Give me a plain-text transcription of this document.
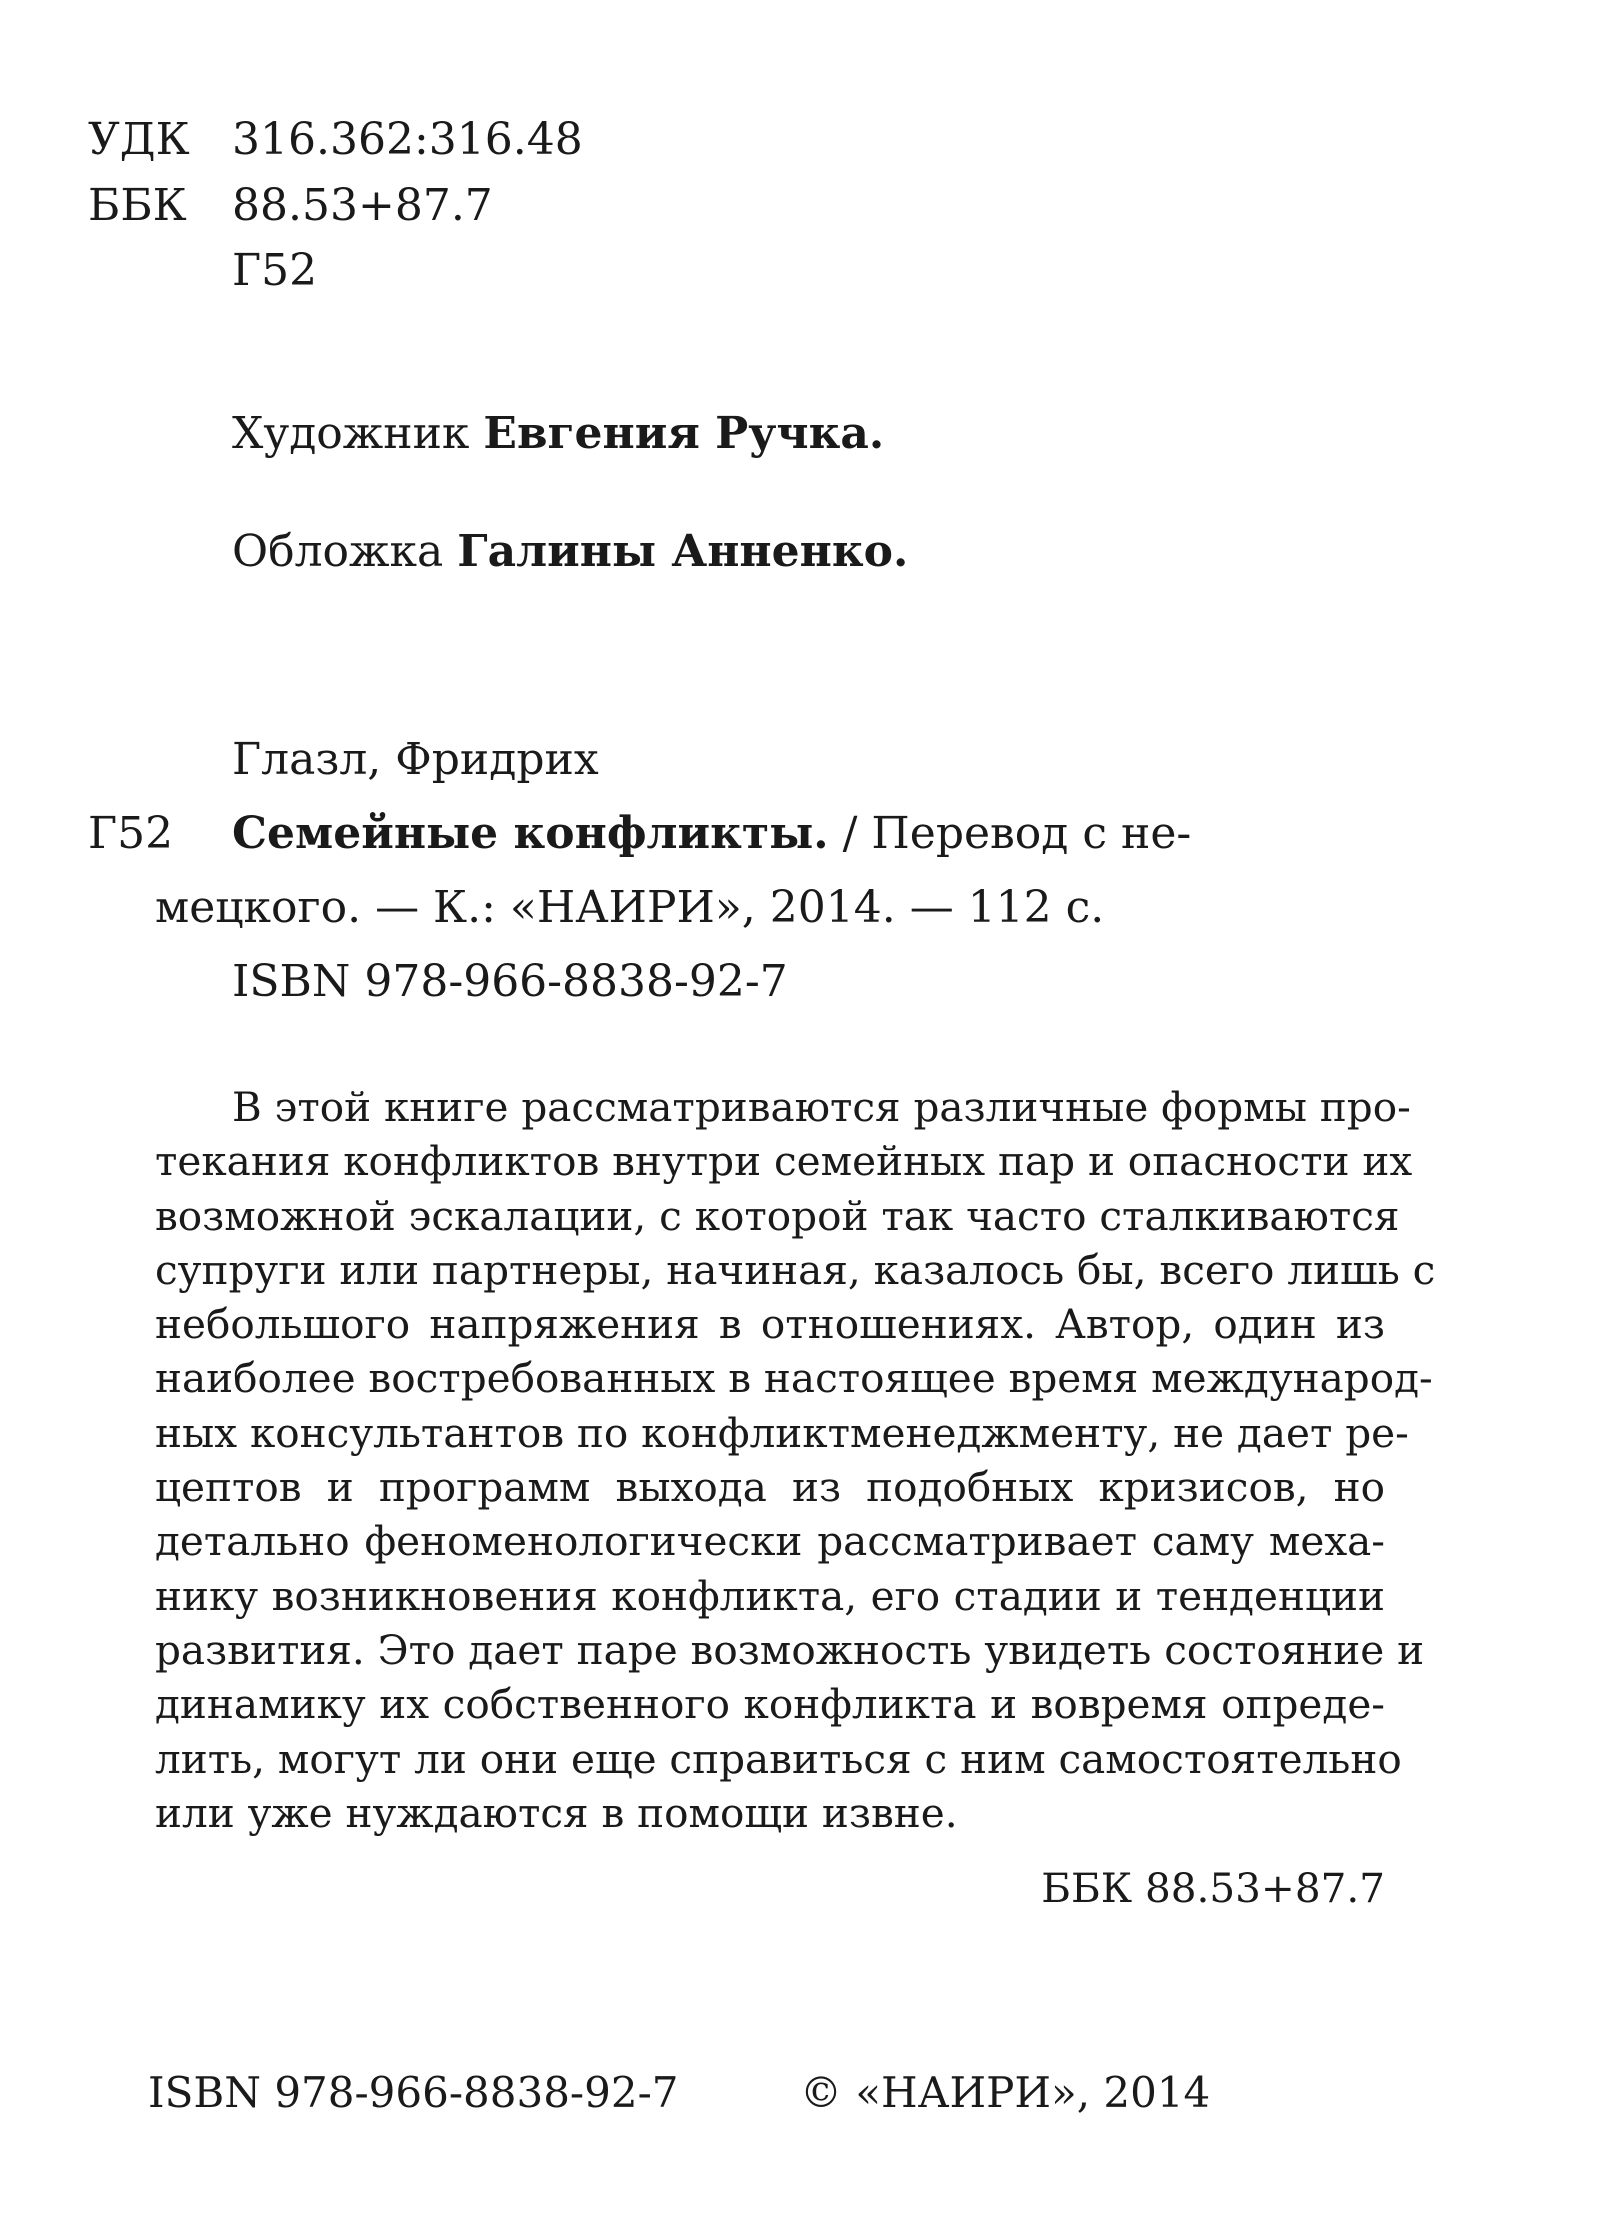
УДК 316.362:316.48
ББК 88.53+87.7
Г52
Художник Евгения Ручка.
Обложка Галины Анненко.
Глазл, Фридрих
Г52 Семейные конфликты. / Перевод с не-
мецкого. — К.: «НАИРИ», 2014. — 112 с.
ISBN 978-966-8838-92-7
В этой книге рассматриваются различные формы про-
текания конфликтов внутри семейных пар и опасности их
возможной эскалации, с которой так часто сталкиваются
супруги или партнеры, начиная, казалось бы, всего лишь с
небольшого напряжения в отношениях. Автор, один из
наиболее востребованных в настоящее время международ-
ных консультантов по конфликтменеджменту, не дает ре-
цептов и программ выхода из подобных кризисов, но
детально феноменологически рассматривает саму меха-
нику возникновения конфликта, его стадии и тенденции
развития. Это дает паре возможность увидеть состояние и
динамику их собственного конфликта и вовремя опреде-
лить, могут ли они еще справиться с ним самостоятельно
или уже нуждаются в помощи извне.
ББК 88.53+87.7
ISBN 978-966-8838-92-7	© «НАИРИ», 2014
